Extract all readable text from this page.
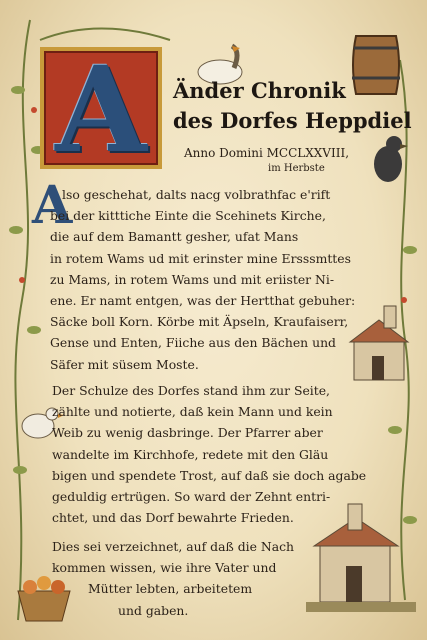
A	Änder Chronik
des Dorfes Heppdiel
Anno Domini MCCLXXVIII,
im Herbste
A
lso geschehat, dalts nacg volbrathfac e'rift
bei der kitttiche Einte die Scehinets Kirche,
die auf dem Bamantt gesher, ufat Mans
in rotem Wams ud mit erinster mine Ersssmttes
zu Mams, in rotem Wams und mit eriister Ni-
ene. Er namt entgen, was der Hertthat gebuher:
Säcke boll Korn. Körbe mit Äpseln, Kraufaiserr,
Gense und Enten, Fiiche aus den Bächen und
Säfer mit süsem Moste.
Der Schulze des Dorfes stand ihm zur Seite,
zählte und notierte, daß kein Mann und kein
Weib zu wenig dasbringe. Der Pfarrer aber
wandelte im Kirchhofe, redete mit den Gläu
bigen und spendete Trost, auf daß sie doch agabe
geduldig ertrügen. So ward der Zehnt entri-
chtet, und das Dorf bewahrte Frieden.
Dies sei verzeichnet, auf daß die Nach
kommen wissen, wie ihre Vater und
Mütter lebten, arbeitetem
und gaben.
